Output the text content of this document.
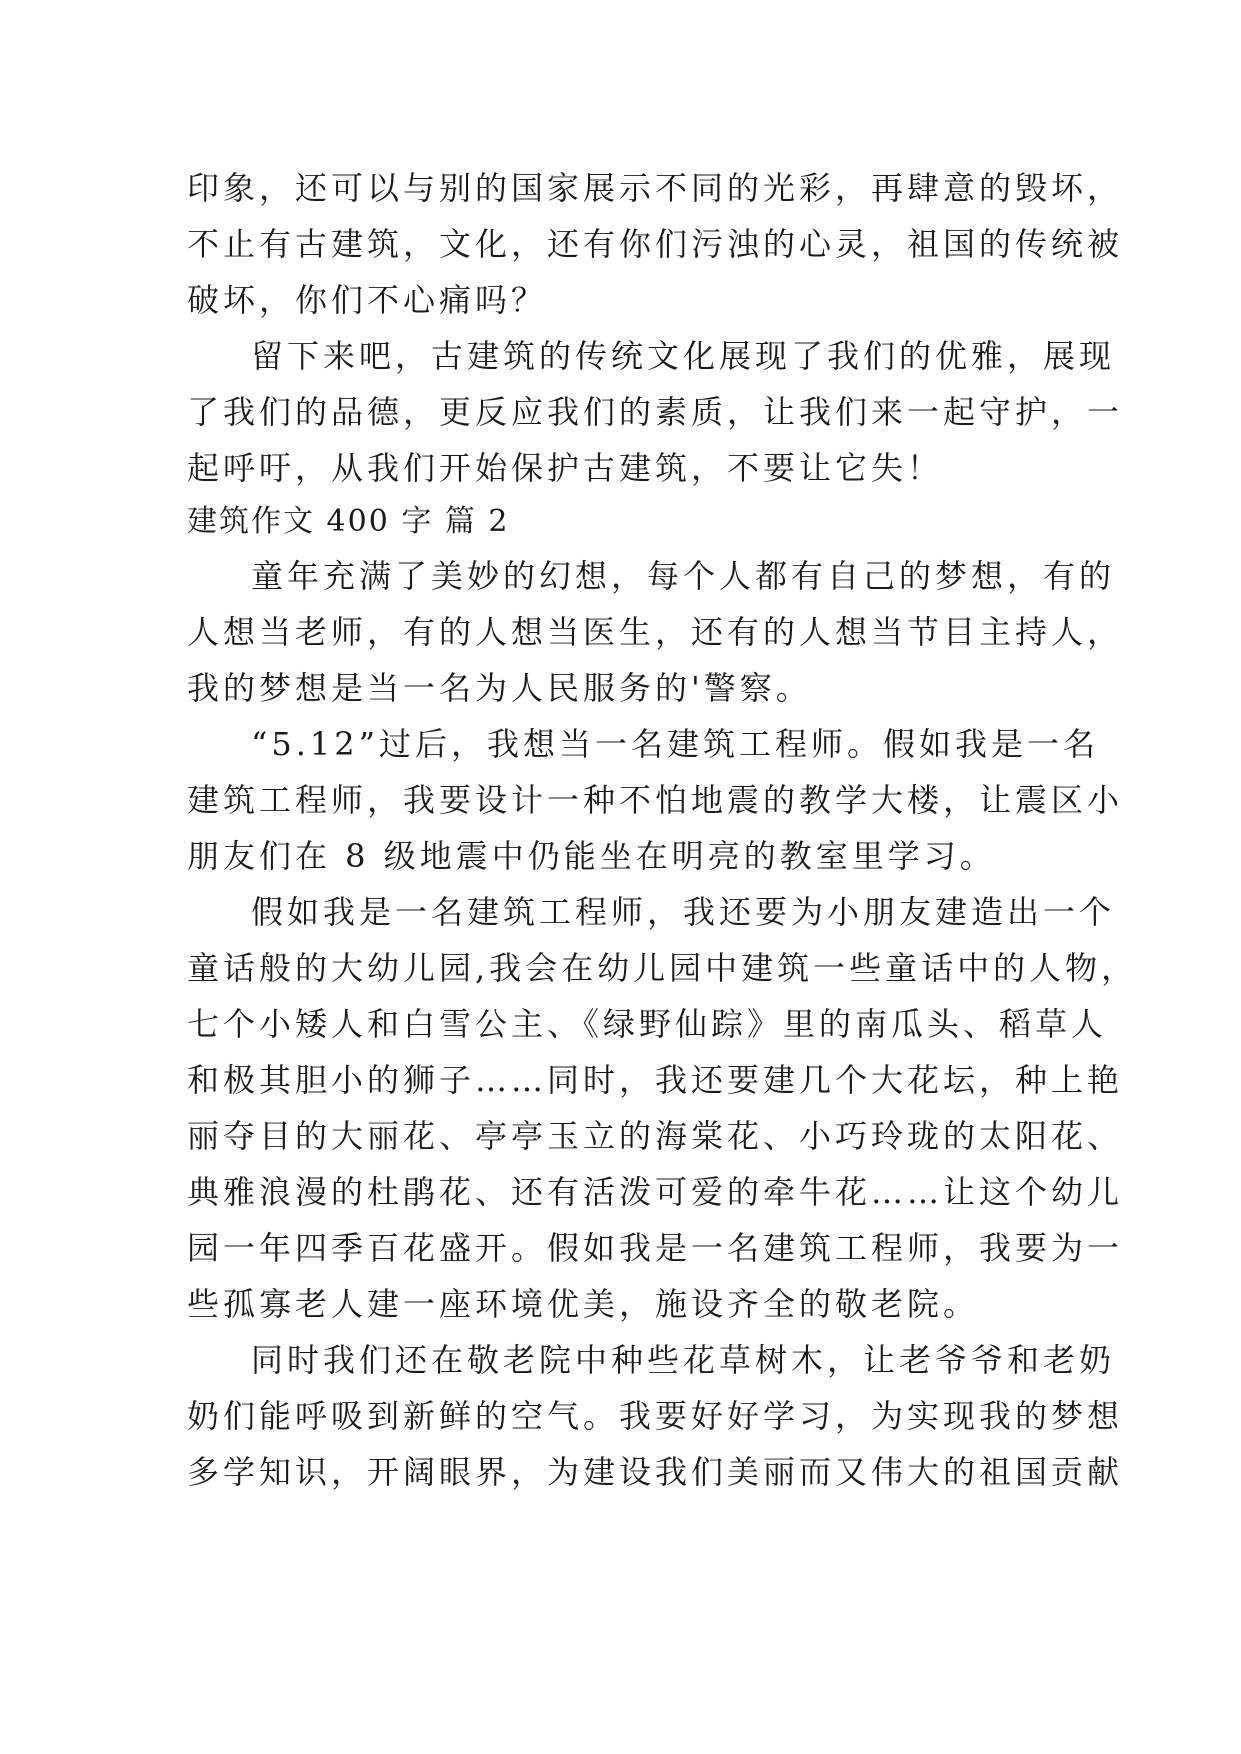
印象，还可以与别的国家展示不同的光彩，再肆意的毁坏，
不止有古建筑，文化，还有你们污浊的心灵，祖国的传统被
破坏，你们不心痛吗？
留下来吧，古建筑的传统文化展现了我们的优雅，展现
了我们的品德，更反应我们的素质，让我们来一起守护，一
起呼吁，从我们开始保护古建筑，不要让它失！
建筑作文 400 字 篇 2
童年充满了美妙的幻想，每个人都有自己的梦想，有的
人想当老师，有的人想当医生，还有的人想当节目主持人，
我的梦想是当一名为人民服务的'警察。
“5.12”过后，我想当一名建筑工程师。假如我是一名
建筑工程师，我要设计一种不怕地震的教学大楼，让震区小
朋友们在 8 级地震中仍能坐在明亮的教室里学习。
假如我是一名建筑工程师，我还要为小朋友建造出一个
童话般的大幼儿园,我会在幼儿园中建筑一些童话中的人物，
七个小矮人和白雪公主、《绿野仙踪》里的南瓜头、稻草人
和极其胆小的狮子……同时，我还要建几个大花坛，种上艳
丽夺目的大丽花、亭亭玉立的海棠花、小巧玲珑的太阳花、
典雅浪漫的杜鹃花、还有活泼可爱的牵牛花……让这个幼儿
园一年四季百花盛开。假如我是一名建筑工程师，我要为一
些孤寡老人建一座环境优美，施设齐全的敬老院。
同时我们还在敬老院中种些花草树木，让老爷爷和老奶
奶们能呼吸到新鲜的空气。我要好好学习，为实现我的梦想
多学知识，开阔眼界，为建设我们美丽而又伟大的祖国贡献
